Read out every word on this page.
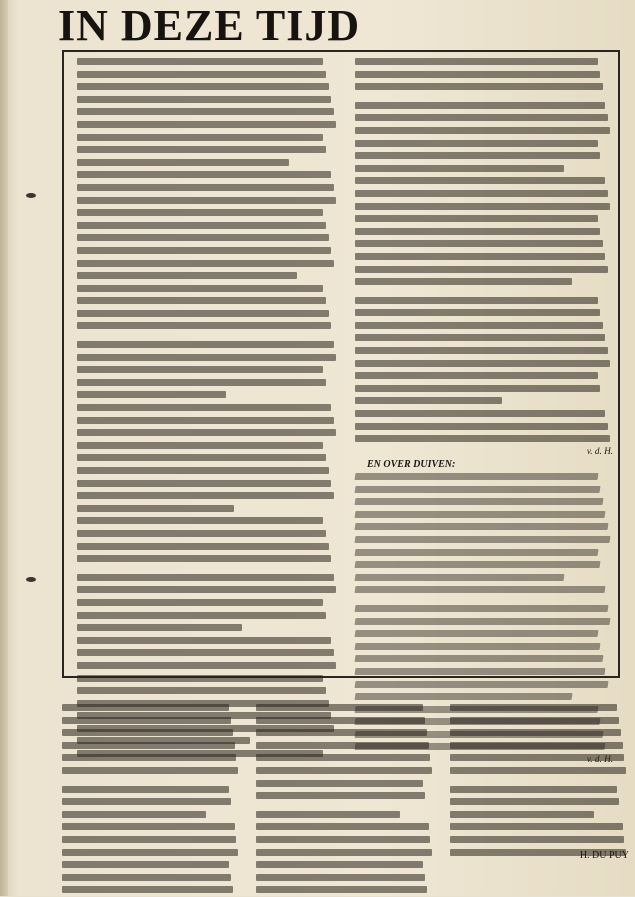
IN DEZE TIJD
v. d. H.
EN OVER DUIVEN:
H. DU PUY
